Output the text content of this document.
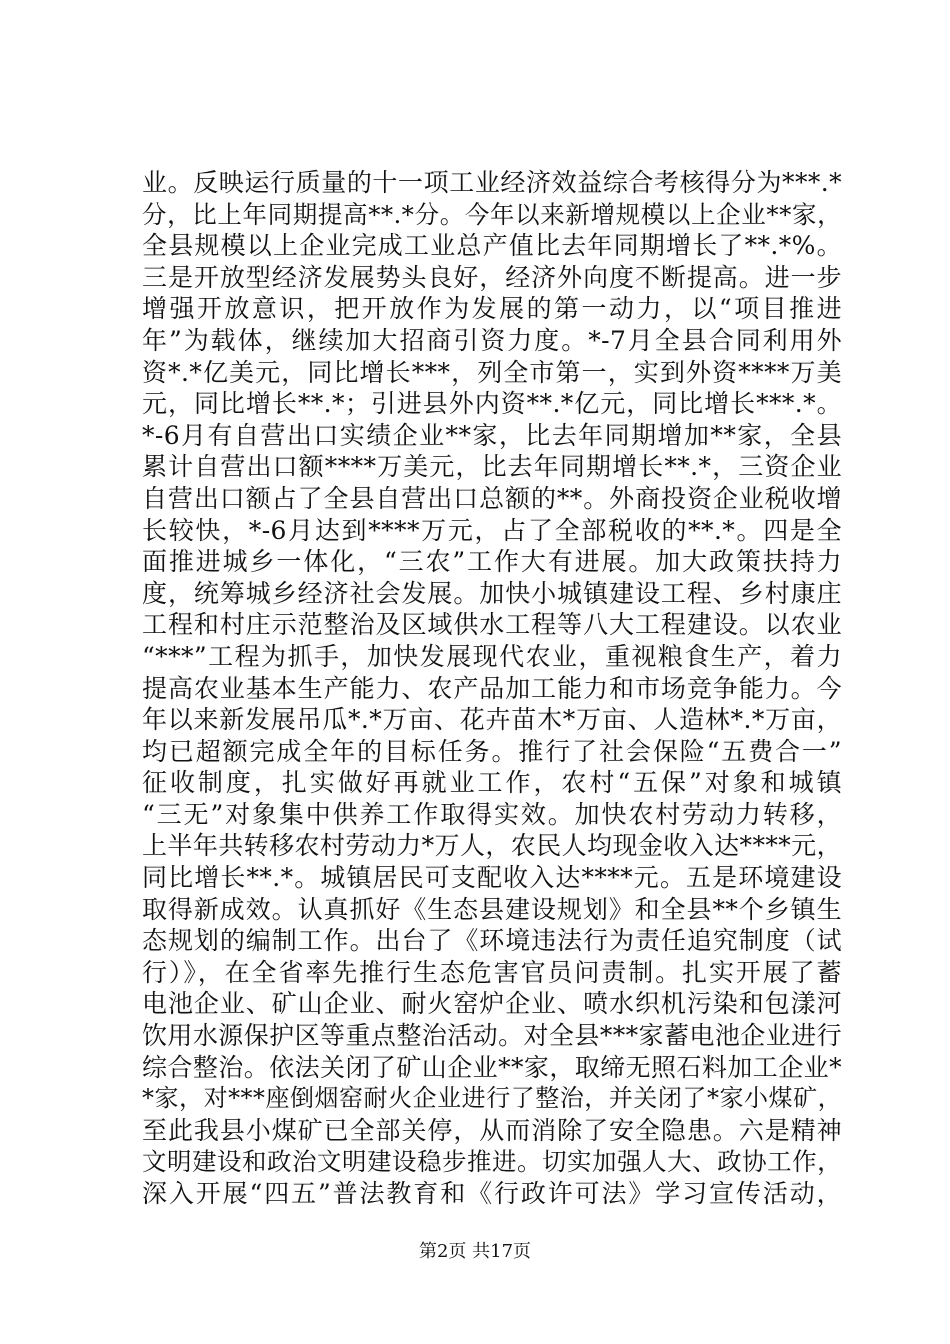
业。反映运行质量的十一项工业经济效益综合考核得分为***.*
分，比上年同期提高**.*分。今年以来新增规模以上企业**家，
全县规模以上企业完成工业总产值比去年同期增长了**.*%。
三是开放型经济发展势头良好，经济外向度不断提高。进一步
增强开放意识，把开放作为发展的第一动力，以“项目推进
年”为载体，继续加大招商引资力度。*-7月全县合同利用外
资*.*亿美元，同比增长***，列全市第一，实到外资****万美
元，同比增长**.*；引进县外内资**.*亿元，同比增长***.*。
*-6月有自营出口实绩企业**家，比去年同期增加**家，全县
累计自营出口额****万美元，比去年同期增长**.*，三资企业
自营出口额占了全县自营出口总额的**。外商投资企业税收增
长较快，*-6月达到****万元，占了全部税收的**.*。四是全
面推进城乡一体化，“三农”工作大有进展。加大政策扶持力
度，统筹城乡经济社会发展。加快小城镇建设工程、乡村康庄
工程和村庄示范整治及区域供水工程等八大工程建设。以农业
“***”工程为抓手，加快发展现代农业，重视粮食生产，着力
提高农业基本生产能力、农产品加工能力和市场竞争能力。今
年以来新发展吊瓜*.*万亩、花卉苗木*万亩、人造林*.*万亩，
均已超额完成全年的目标任务。推行了社会保险“五费合一”
征收制度，扎实做好再就业工作，农村“五保”对象和城镇
“三无”对象集中供养工作取得实效。加快农村劳动力转移，
上半年共转移农村劳动力*万人，农民人均现金收入达****元，
同比增长**.*。城镇居民可支配收入达****元。五是环境建设
取得新成效。认真抓好《生态县建设规划》和全县**个乡镇生
态规划的编制工作。出台了《环境违法行为责任追究制度（试
行）》，在全省率先推行生态危害官员问责制。扎实开展了蓄
电池企业、矿山企业、耐火窑炉企业、喷水织机污染和包漾河
饮用水源保护区等重点整治活动。对全县***家蓄电池企业进行
综合整治。依法关闭了矿山企业**家，取缔无照石料加工企业*
*家，对***座倒烟窑耐火企业进行了整治，并关闭了*家小煤矿，
至此我县小煤矿已全部关停，从而消除了安全隐患。六是精神
文明建设和政治文明建设稳步推进。切实加强人大、政协工作，
深入开展“四五”普法教育和《行政许可法》学习宣传活动，
第2页 共17页
